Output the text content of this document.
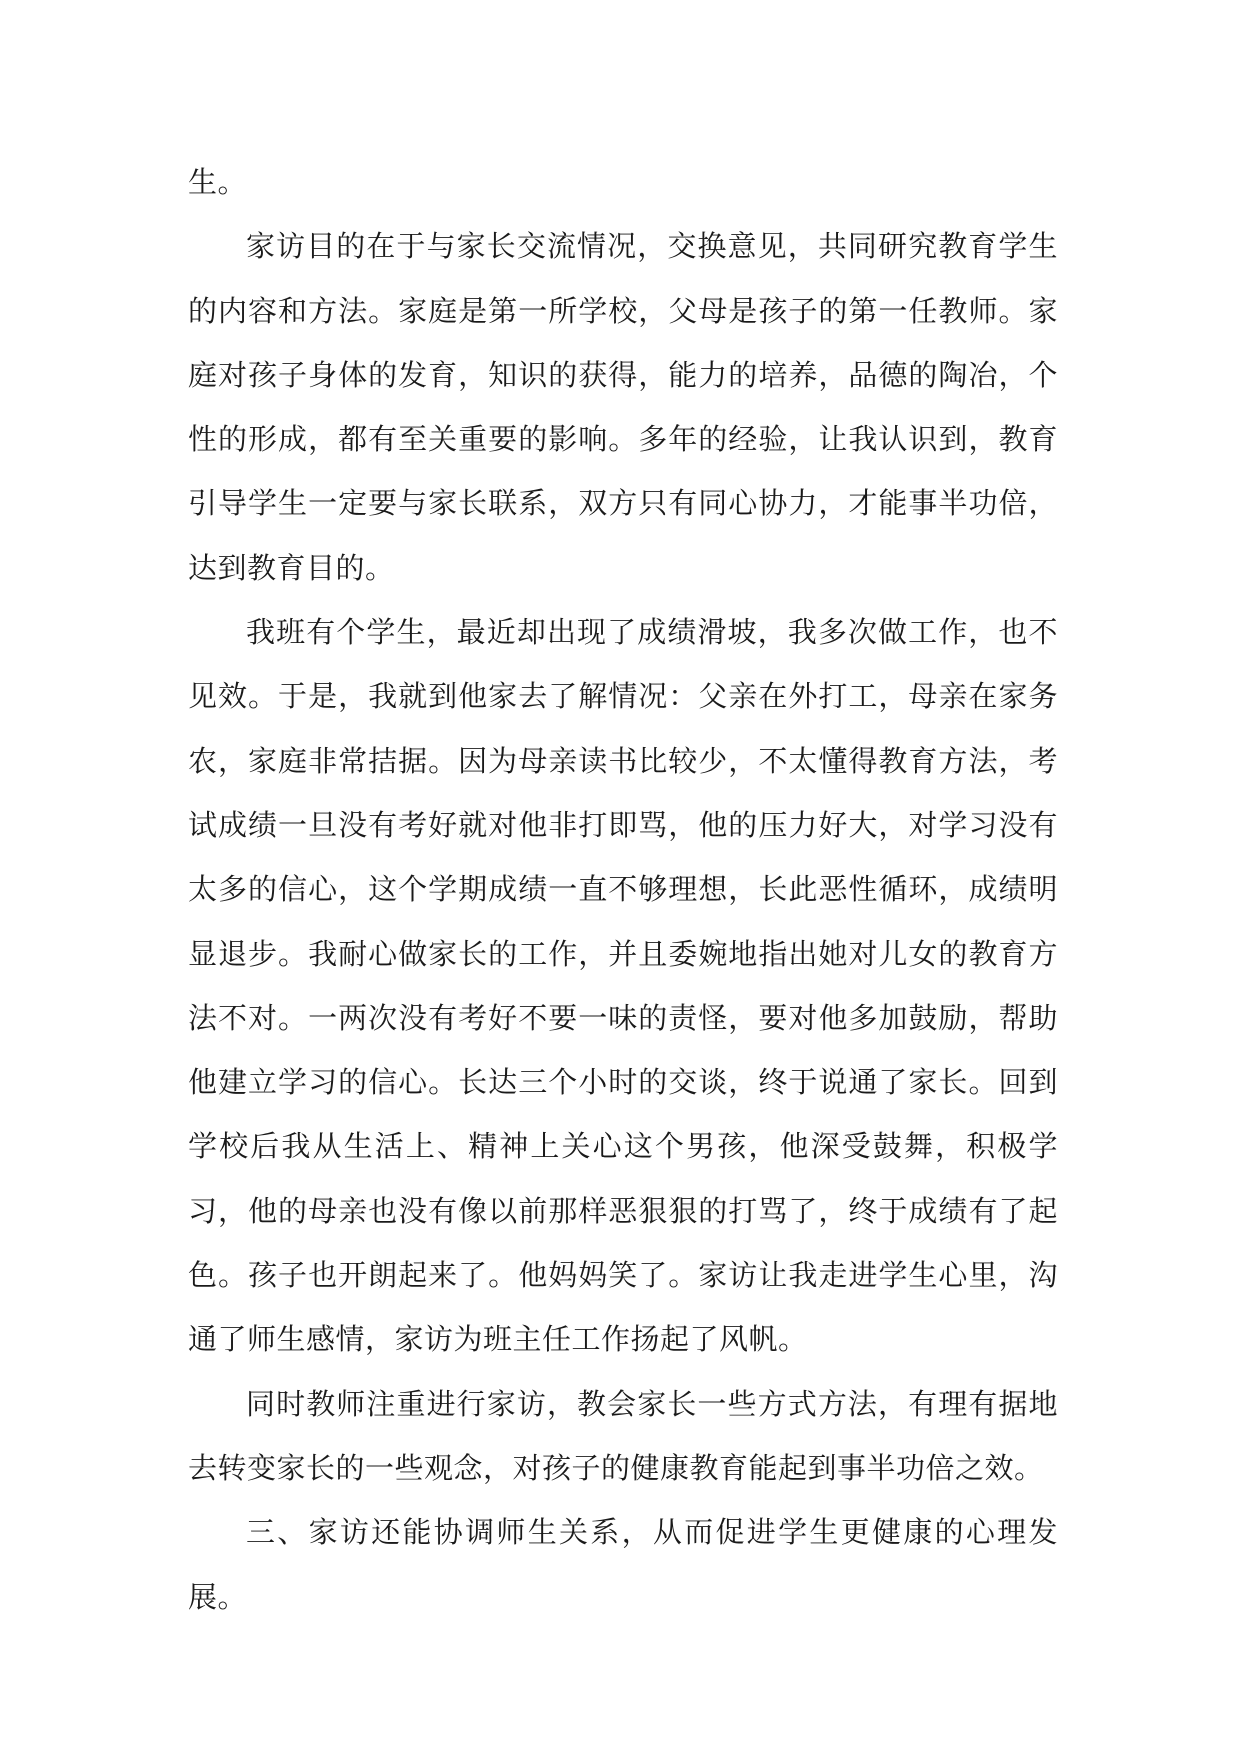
生。

家访目的在于与家长交流情况，交换意见，共同研究教育学生的内容和方法。家庭是第一所学校，父母是孩子的第一任教师。家庭对孩子身体的发育，知识的获得，能力的培养，品德的陶冶，个性的形成，都有至关重要的影响。多年的经验，让我认识到，教育引导学生一定要与家长联系，双方只有同心协力，才能事半功倍，达到教育目的。

我班有个学生，最近却出现了成绩滑坡，我多次做工作，也不见效。于是，我就到他家去了解情况：父亲在外打工，母亲在家务农，家庭非常拮据。因为母亲读书比较少，不太懂得教育方法，考试成绩一旦没有考好就对他非打即骂，他的压力好大，对学习没有太多的信心，这个学期成绩一直不够理想，长此恶性循环，成绩明显退步。我耐心做家长的工作，并且委婉地指出她对儿女的教育方法不对。一两次没有考好不要一味的责怪，要对他多加鼓励，帮助他建立学习的信心。长达三个小时的交谈，终于说通了家长。回到学校后我从生活上、精神上关心这个男孩，他深受鼓舞，积极学习，他的母亲也没有像以前那样恶狠狠的打骂了，终于成绩有了起色。孩子也开朗起来了。他妈妈笑了。家访让我走进学生心里，沟通了师生感情，家访为班主任工作扬起了风帆。

同时教师注重进行家访，教会家长一些方式方法，有理有据地去转变家长的一些观念，对孩子的健康教育能起到事半功倍之效。

三、家访还能协调师生关系，从而促进学生更健康的心理发展。
